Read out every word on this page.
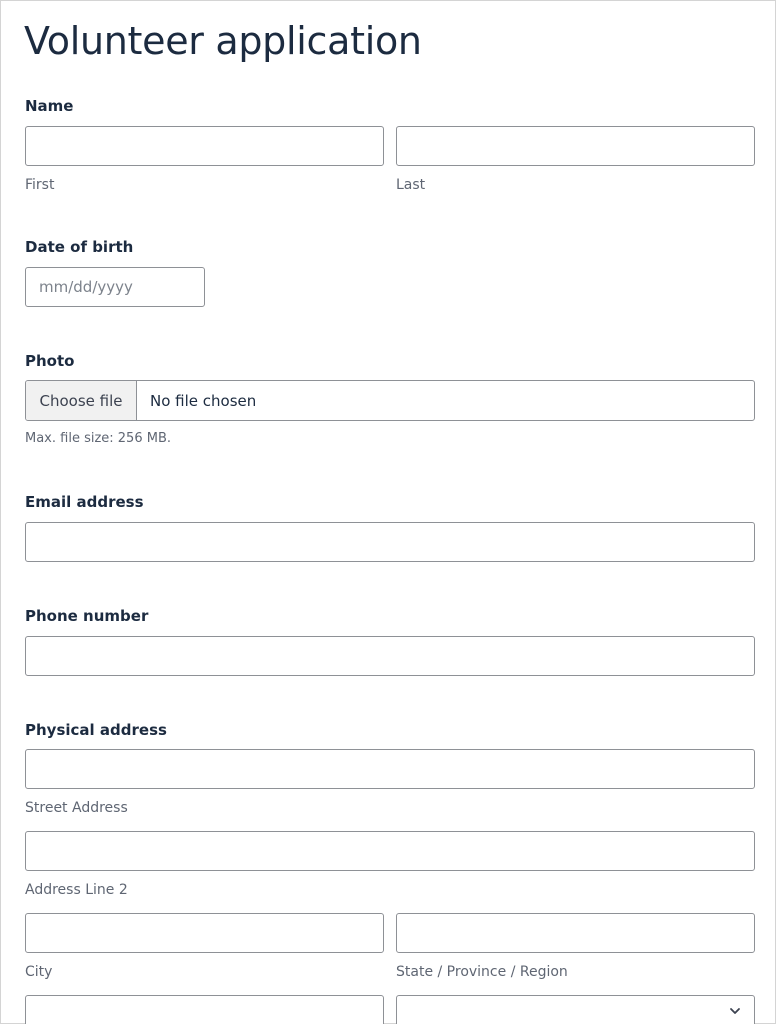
Volunteer application
Name
First	Last
Date of birth
mm/dd/yyyy
Photo
Choose file	No file chosen
Max. file size: 256 MB.
Email address
Phone number
Physical address
Street Address
Address Line 2
City	State / Province / Region
